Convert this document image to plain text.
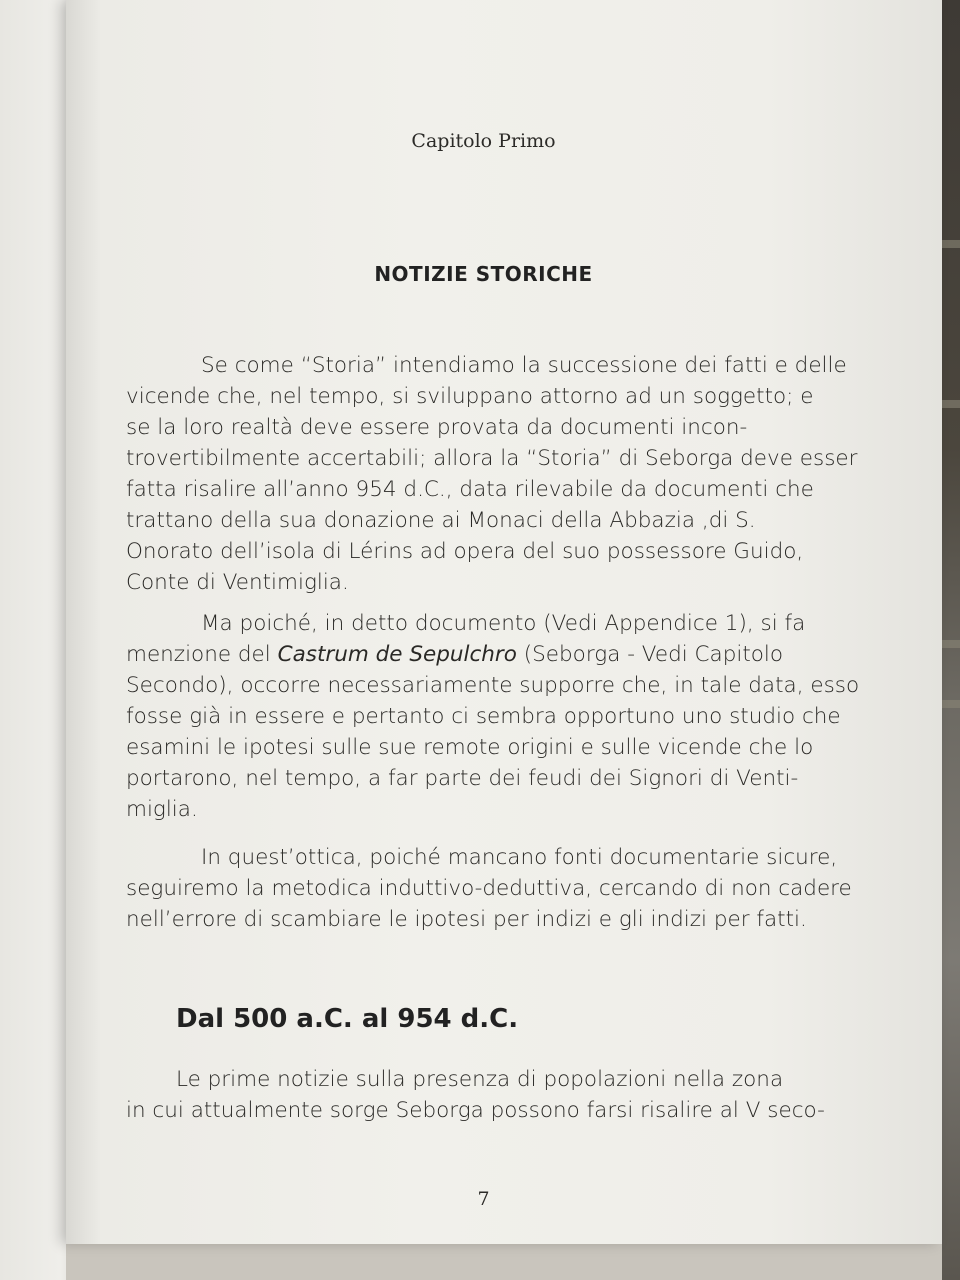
Capitolo Primo
NOTIZIE STORICHE
Se come “Storia” intendiamo la successione dei fatti e delle
vicende che, nel tempo, si sviluppano attorno ad un soggetto; e
se la loro realtà deve essere provata da documenti incon-
trovertibilmente accertabili; allora la “Storia” di Seborga deve esser
fatta risalire all’anno 954 d.C., data rilevabile da documenti che
trattano della sua donazione ai Monaci della Abbazia ,di S.
Onorato dell’isola di Lérins ad opera del suo possessore Guido,
Conte di Ventimiglia.
Ma poiché, in detto documento (Vedi Appendice 1), si fa
menzione del Castrum de Sepulchro (Seborga - Vedi Capitolo
Secondo), occorre necessariamente supporre che, in tale data, esso
fosse già in essere e pertanto ci sembra opportuno uno studio che
esamini le ipotesi sulle sue remote origini e sulle vicende che lo
portarono, nel tempo, a far parte dei feudi dei Signori di Venti-
miglia.
In quest’ottica, poiché mancano fonti documentarie sicure,
seguiremo la metodica induttivo-deduttiva, cercando di non cadere
nell’errore di scambiare le ipotesi per indizi e gli indizi per fatti.
Dal 500 a.C. al 954 d.C.
Le prime notizie sulla presenza di popolazioni nella zona
in cui attualmente sorge Seborga possono farsi risalire al V seco-
7
